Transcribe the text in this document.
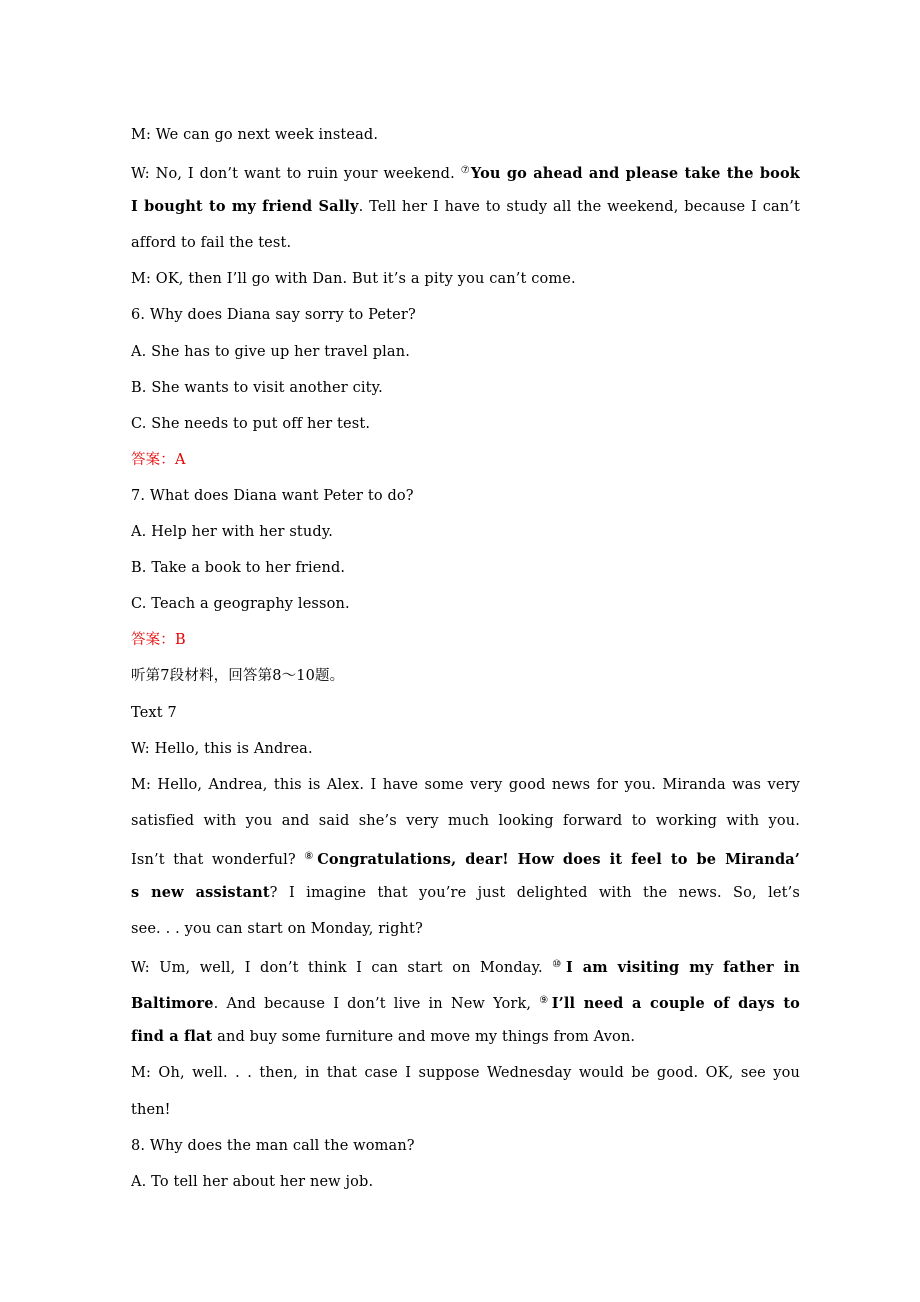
M: We can go next week instead.
W: No, I don’t want to ruin your weekend. ⑦You go ahead and please take the book
I bought to my friend Sally. Tell her I have to study all the weekend, because I can’t
afford to fail the test.
M: OK, then I’ll go with Dan. But it’s a pity you can’t come.
6. Why does Diana say sorry to Peter?
A. She has to give up her travel plan.
B. She wants to visit another city.
C. She needs to put off her test.
答案：A
7. What does Diana want Peter to do?
A. Help her with her study.
B. Take a book to her friend.
C. Teach a geography lesson.
答案：B
听第7段材料，回答第8～10题。
Text 7
W: Hello, this is Andrea.
M: Hello, Andrea, this is Alex. I have some very good news for you. Miranda was very
satisfied with you and said she’s very much looking forward to working with you.
Isn’t that wonderful? ⑧Congratulations, dear! How does it feel to be Miranda’
s new assistant? I imagine that you’re just delighted with the news. So, let’s
see. . . you can start on Monday, right?
W: Um, well, I don’t think I can start on Monday. ⑩I am visiting my father in
Baltimore. And because I don’t live in New York, ⑨I’ll need a couple of days to
find a flat and buy some furniture and move my things from Avon.
M: Oh, well. . . then, in that case I suppose Wednesday would be good. OK, see you
then!
8. Why does the man call the woman?
A. To tell her about her new job.
